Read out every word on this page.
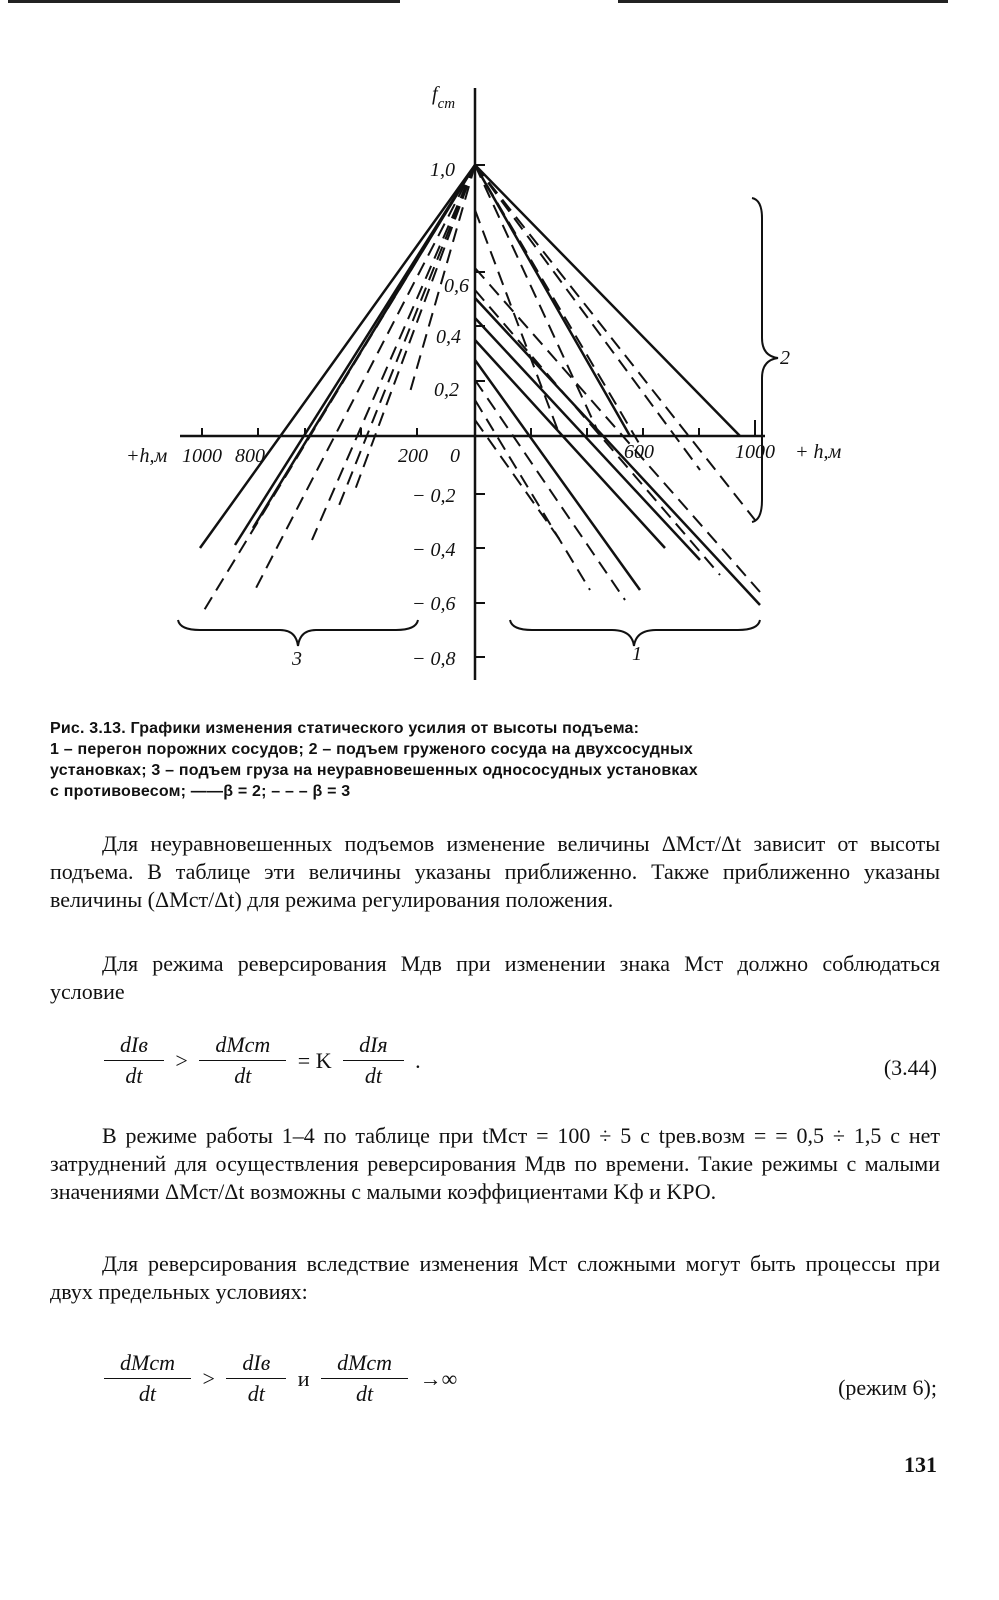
$f_{ст}$
+h,м 1000 800	200 0	600	1000 + h,м
1,0
0,6
0,4
0,2
− 0,2
− 0,4
− 0,6
− 0,8
3	1
2

Рис. 3.13. Графики изменения статического усилия от высоты подъема:

1 – перегон порожних сосудов; 2 – подъем груженого сосуда на двухсосудных

установках; 3 – подъем груза на неуравновешенных однососудных установках

с противовесом; ——β = 2; – – – β = 3

Для неуравновешенных подъемов изменение величины ΔMст/Δt зависит от высоты подъема. В таблице эти величины указаны приближенно. Также приближенно указаны величины (ΔMст/Δt) для режима регулирования положения.

Для режима реверсирования Mдв при изменении знака Mст должно соблюдаться условие

$\frac{\text{dIв}}{dt} > \frac{\text{dMст}}{dt} = K \frac{\text{dIя}}{dt}$ .	(3.44)

В режиме работы 1–4 по таблице при tMст = 100 ÷ 5 с tрев.возм = = 0,5 ÷ 1,5 с нет затруднений для осуществления реверсирования Mдв по времени. Такие режимы с малыми значениями ΔMст/Δt возможны с малыми коэффициентами Kф и KРО.

Для реверсирования вследствие изменения Mст сложными могут быть процессы при двух предельных условиях:

$\frac{\text{dMст}}{dt} > \frac{\text{dIв}}{dt}$ и $\frac{\text{dMст}}{dt}$ →∞	(режим 6);
131
